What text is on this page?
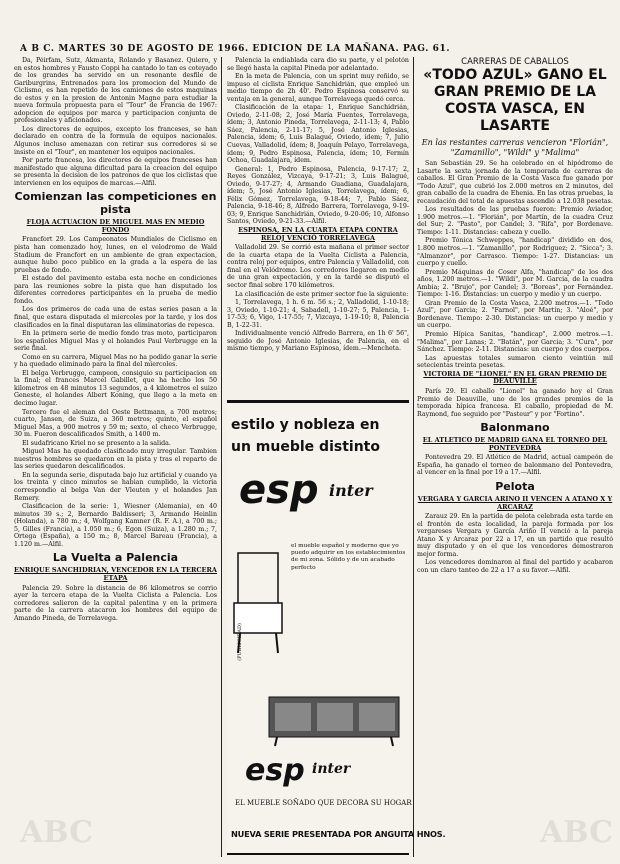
A B C. MARTES 30 DE AGOSTO DE 1966. EDICION DE LA MAÑANA. PAG. 61.

Da, Péirfam, Sutz, Akmanta, Rolando y Basanez. Quiero, y en estos hombres y Fausto Coppi ha cantado lo tan es coteyado de los grandes ha servido en un resonante desfile de Gariburgrins, Entrenados para los promocion del Mundo de Ciclismo, es han repetido de los camiones de estos maquinas de estos y en la presion de Antonin Magne para estudiar la nueva formula propuesta para el "Tour" de Francia de 1967: adopcion de equipos por marca y participacion conjunta de profesionales y aficionados.

Los directores de equipos, excepto los franceses, se han declarado en contra de la formula de equipos nacionales. Algunos incluso amenazan con retirar sus corredores si se insiste en el "Tour", en mantener los equipos nacionales.

Por parte francesa, los directores de equipos franceses han manifestado que alguna dificultad para la creacion del equipo se presenta la decision de los patronos de que los ciclistas que intervienen en los equipos de marcas.—Alfil.

Comienzan las competiciones en pista
FLOJA ACTUACION DE MIGUEL MAS EN MEDIO FONDO

Francfort 29. Los Campeonatos Mundiales de Ciclismo en pista han comenzado hoy, lunes, en el velodromo de Wald Stadium de Francfort en un ambiente de gran expectacion, aunque hubo poco publico en la grada a la espera de las pruebas de fondo.

El estado del pavimento estaba esta noche en condiciones para las reuniones sobre la pista que han disputado los diferentes corredores participantes en la prueba de medio fondo.

Los dos primeros de cada una de estas series pasan a la final, que estara disputada el miercoles por la tarde, y los dos clasificados en la final disputaran las eliminatorias de repesca.

En la primera serie de medio fondo tras moto, participaron los españoles Miguel Mas y el holandes Paul Verbrugge en la serie final.

Como en su carrera, Miguel Mas no ha podido ganar la serie y ha quedado eliminado para la final del miercoles.

El belga Verbrugge, campeon, consiguio su participacion en la final; el frances Marcel Gabillet, que ha hecho los 50 kilometros en 48 minutos 13 segundos, a 4 kilometros el suizo Geneste, el holandes Albert Koning, que llego a la meta en decimo lugar.

Tercero fue el aleman del Oeste Bettmann, a 700 metros; cuarto, Jansen, de Suiza, a 360 metros; quinto, el español Miguel Mas, a 900 metros y 59 m; sexto, el checo Verbrugge, 30 m. Fueron descalificados Smith, a 1400 m.

El sudafricano Kriel no se presento a la salida.

Miguel Mas ha quedado clasificado muy irregular. Tambien nuestros hombres se quedaron en la pista y tras el reparto de las series quedaron descalificados.

En la segunda serie, disputada bajo luz artificial y cuando ya los treinta y cinco minutos se habian cumplido, la victoria correspondio al belga Van der Vleuten y el holandes Jan Remery.

Clasificacion de la serie: 1, Wiesner (Alemania), en 40 minutos 39 s.; 2, Bernardo Baldisseri; 3, Armando Heinlin (Holanda), a 780 m.; 4, Wolfgang Kamner (R. F. A.), a 700 m.; 5, Gilles (Francia), a 1.050 m.; 6, Egon (Suiza), a 1.280 m.; 7, Ortega (España), a 150 m.; 8, Marcel Bareau (Francia), a 1.120 m.—Alfil.

La Vuelta a Palencia
ENRIQUE SANCHIDRIAN, VENCEDOR EN LA TERCERA ETAPA

Palencia 29. Sobre la distancia de 86 kilometros se corrio ayer la tercera etapa de la Vuelta Ciclista a Palencia. Los corredores salieron de la capital palentina y en la primera parte de la carrera atacaron los hombres del equipo de Amando Pineda, de Torrelavega.

Palencia la endiablada cara dio su parte, y el pelotón se llegó hasta la capital Pineda por adelantado.

En la meta de Palencia, con un sprint muy reñido, se impuso el ciclista Enrique Sanchidrián, que empleó un medio tiempo de 2h 40'. Pedro Espinosa conservó su ventaja en la general, aunque Torrelavega quedó cerca.

Clasificación de la etapa: 1, Enrique Sanchidrián, Oviedo, 2-11-08; 2, José María Fuentes, Torrelavega, ídem; 3, Antonio Pineda, Torrelavega, 2-11-13; 4, Pablo Sáez, Palencia, 2-11-17; 5, José Antonio Iglesias, Palencia, ídem; 6, Luis Balagué, Oviedo, ídem; 7, Julio Cuevas, Valladolid, ídem; 8, Joaquín Pelayo, Torrelavega, ídem; 9, Pedro Espinosa, Palencia, ídem; 10, Fermín Ochoa, Guadalajara, ídem.

General: 1, Pedro Espinosa, Palencia, 9-17-17; 2, Reyes González, Vizcaya, 9-17-21; 3, Luis Balagué, Oviedo, 9-17-27; 4, Armando Guadiana, Guadalajara, ídem; 5, José Antonio Iglesias, Torrelavega, ídem; 6, Félix Gómez, Torrelavega, 9-18-44; 7, Pablo Sáez, Palencia, 9-18-46; 8, Alfredo Barrera, Torrelavega, 9-19-03; 9, Enrique Sanchidrián, Oviedo, 9-20-06; 10, Alfonso Santos, Oviedo, 9-21-33.—Alfil.

ESPINOSA, EN LA CUARTA ETAPA CONTRA RELOJ VENCIÓ TORRELAVEGA

Valladolid 29. Se corrió esta mañana el primer sector de la cuarta etapa de la Vuelta Ciclista a Palencia, contra reloj por equipos, entre Palencia y Valladolid, con final en el Velódromo. Los corredores llegaron en medio de una gran expectación, y en la tarde se disputó el sector final sobre 170 kilómetros.

La clasificación de este primer sector fue la siguiente:

1, Torrelavega, 1 h. 6 m. 56 s.; 2, Valladolid, 1-10-18; 3, Oviedo, 1-10-21; 4, Sabadell, 1-10-27; 5, Palencia, 1-17-53; 6, Vigo, 1-17-55; 7, Vizcaya, 1-19-10; 8, Palencia B, 1-22-31.

Individualmente venció Alfredo Barrera, en 1h 6' 56", seguido de José Antonio Iglesias, de Palencia, en el mismo tiempo, y Mariano Espinosa, ídem.—Mencheta.

estilo y nobleza en
un mueble distinto
esp inter
el mueble español y moderno que yo puedo adquirir en los establecimientos de mi zona. Sólido y de un acabado perfecto
(PUBLICIDAD)
esp inter
EL MUEBLE SOÑADO QUE DECORA SU HOGAR
NUEVA SERIE PRESENTADA POR ANGUITA HNOS.
CARRERAS DE CABALLOS
«TODO AZUL» GANO EL GRAN PREMIO DE LA COSTA VASCA, EN LASARTE
En las restantes carreras vencieron "Florián", "Zamanillo", "Wildi" y "Malima"

San Sebastián 29. Se ha celebrado en el hipódromo de Lasarte la sexta jornada de la temporada de carreras de caballos. El Gran Premio de la Costa Vasca fue ganado por "Todo Azul", que cubrió los 2.000 metros en 2 minutos, del gran caballo de la cuadra de Ehenia. En las otras pruebas, la recaudación del total de apuestas ascendió a 12.038 pesetas.

Los resultados de las pruebas fueron: Premio Aviador, 1.900 metros.—1. "Florián", por Martín, de la cuadra Cruz del Sur; 2. "Pasto", por Candel; 3. "Rifa", por Bordenave. Tiempo: 1-11. Distancias: cabeza y cuello.

Premio Tónica Schweppes, "handicap" dividido en dos, 1.800 metros.—1. "Zamanillo", por Rodriguez; 2. "Sicca"; 3. "Almanzor", por Carrasco. Tiempo: 1-27. Distancias: un cuerpo y cuello.

Premio Máquinas de Coser Alfa, "handicap" de los dos años, 1.200 metros.—1. "Wildi", por M. Garcia, de la cuadra Ambia; 2. "Brujo", por Candel; 3. "Boreas", por Fernández. Tiempo: 1-16. Distancias: un cuerpo y medio y un cuerpo.

Gran Premio de la Costa Vasca, 2.200 metros.—1. "Todo Azul", por Garcia; 2. "Farnol", por Martín; 3. "Aloé", por Bordenave. Tiempo: 2-30. Distancias: un cuerpo y medio y un cuerpo.

Premio Hípica Sanitas, "handicap", 2.000 metros.—1. "Malima", por Lanas; 2. "Batán", por Garcia; 3. "Cura", por Sánchez. Tiempo: 2-11. Distancias: un cuerpo y dos cuerpos.

Las apuestas totales sumaron ciento veintiún mil setecientas treinta pesetas.

VICTORIA DE "LIONEL" EN EL GRAN PREMIO DE DEAUVILLE

París 29. El caballo "Lionel" ha ganado hoy el Gran Premio de Deauville, uno de los grandes premios de la temporada hípica francesa. El caballo, propiedad de M. Raymond, fue seguido por "Pasteur" y por "Fortino".

Balonmano
EL ATLETICO DE MADRID GANA EL TORNEO DEL PONTEVEDRA

Pontevedra 29. El Atlético de Madrid, actual campeón de España, ha ganado el torneo de balonmano del Pontevedra, al vencer en la final por 19 a 17.—Alfil.

Pelota
VERGARA Y GARCIA ARINO II VENCEN A ATANO X Y ARCARAZ

Zarauz 29. En la partida de pelota celebrada esta tarde en el frontón de esta localidad, la pareja formada por los vergareses Vergara y García Ariño II venció a la pareja Atano X y Arcaraz por 22 a 17, en un partido que resultó muy disputado y en el que los vencedores demostraron mejor forma.

Los vencedores dominaron al final del partido y acabaron con un claro tanteo de 22 a 17 a su favor.—Alfil.

ABC	ABC
